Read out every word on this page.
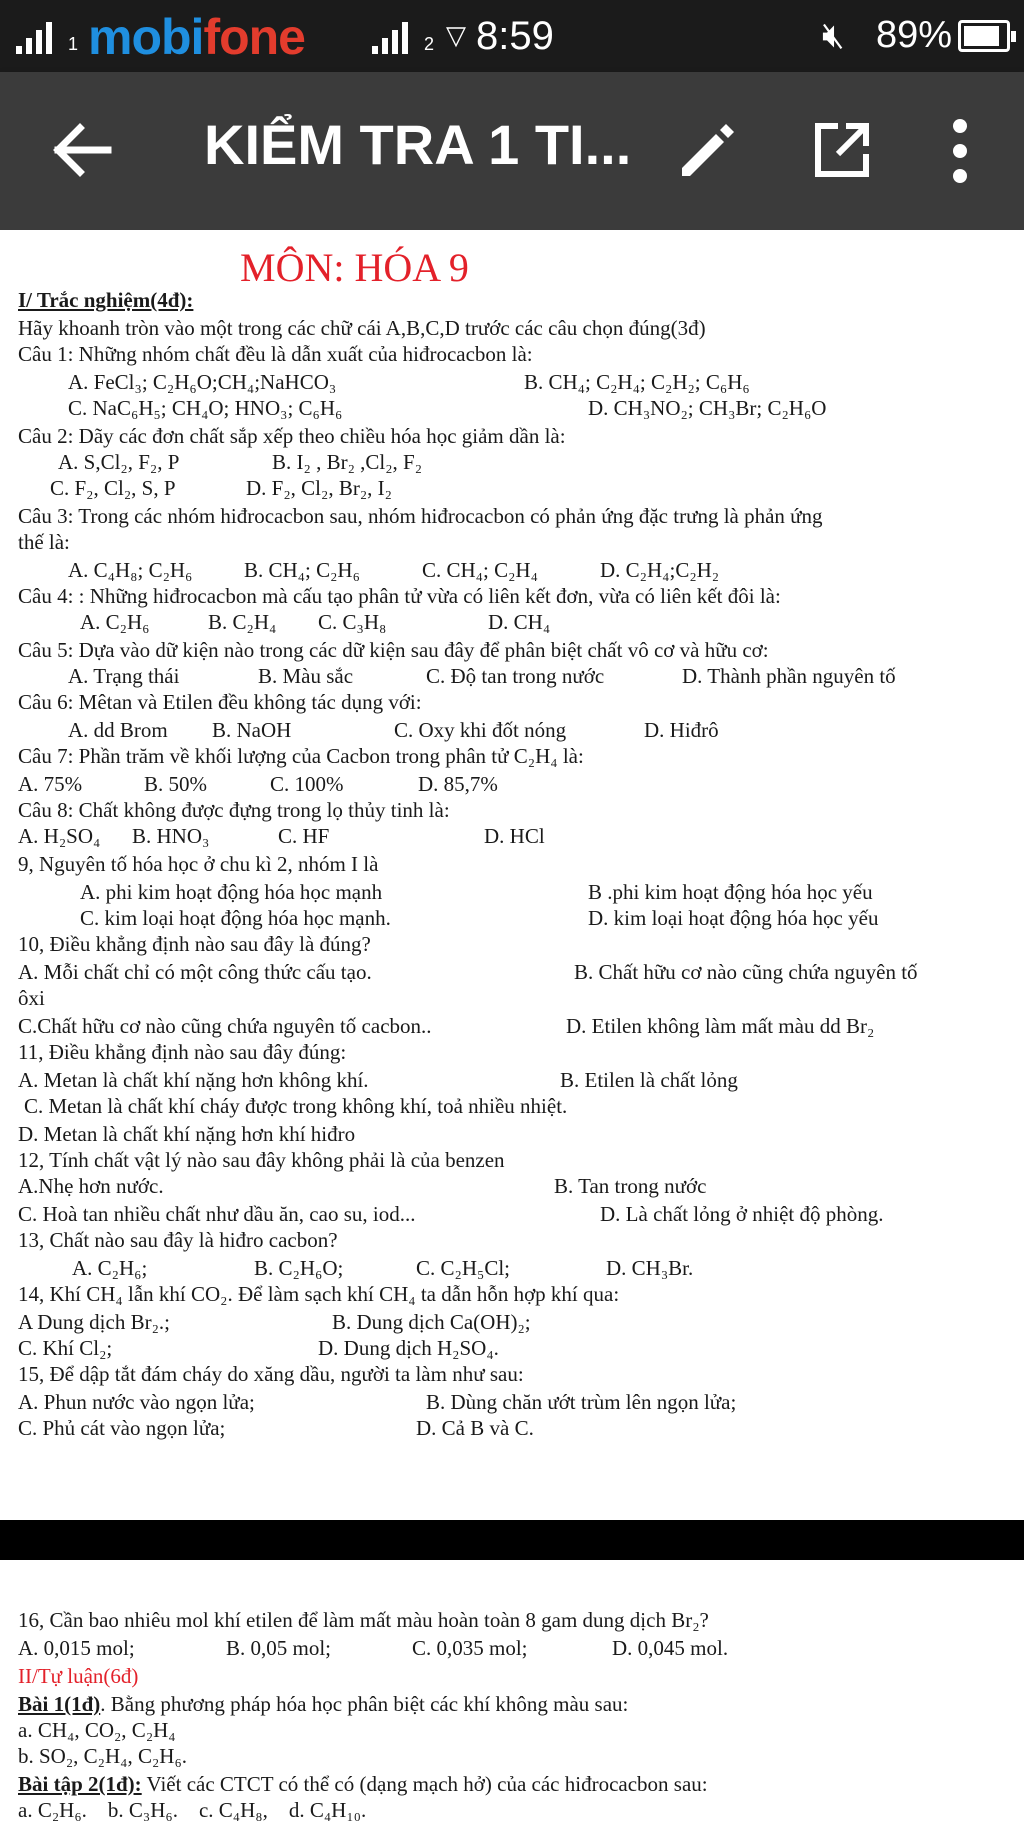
1 mobifone	2 ▽ 8:59	🔇︎ 89%
KIỂM TRA 1 TI...
MÔN: HÓA 9
I/ Trắc nghiệm(4đ):
Hãy khoanh tròn vào một trong các chữ cái A,B,C,D trước các câu chọn đúng(3đ)
Câu 1: Những nhóm chất đều là dẫn xuất của hiđrocacbon là:
A. FeCl₃; C₂H₆O;CH₄;NaHCO₃	B. CH₄; C₂H₄; C₂H₂; C₆H₆
C. NaC₆H₅; CH₄O; HNO₃; C₆H₆	D. CH₃NO₂; CH₃Br; C₂H₆O
Câu 2: Dãy các đơn chất sắp xếp theo chiều hóa học giảm dần là:
A. S,Cl₂, F₂, P	B. I₂ , Br₂ ,Cl₂, F₂
C. F₂, Cl₂, S, P	D. F₂, Cl₂, Br₂, I₂
Câu 3: Trong các nhóm hiđrocacbon sau, nhóm hiđrocacbon có phản ứng đặc trưng là phản ứng
thế là:
A. C₄H₈; C₂H₆ B. CH₄; C₂H₆	C. CH₄; C₂H₄	D. C₂H₄;C₂H₂
Câu 4: : Những hiđrocacbon mà cấu tạo phân tử vừa có liên kết đơn, vừa có liên kết đôi là:
A. C₂H₆	B. C₂H₄ C. C₃H₈	D. CH₄
Câu 5: Dựa vào dữ kiện nào trong các dữ kiện sau đây để phân biệt chất vô cơ và hữu cơ:
A. Trạng thái	B. Màu sắc	C. Độ tan trong nước	D. Thành phần nguyên tố
Câu 6: Mêtan và Etilen đều không tác dụng với:
A. dd Brom B. NaOH	C. Oxy khi đốt nóng	D. Hiđrô
Câu 7: Phần trăm về khối lượng của Cacbon trong phân tử C₂H₄ là:
A. 75%	B. 50%	C. 100%	D. 85,7%
Câu 8: Chất không được đựng trong lọ thủy tinh là:
A. H₂SO₄ B. HNO₃	C. HF	D. HCl
9, Nguyên tố hóa học ở chu kì 2, nhóm I là
A. phi kim hoạt động hóa học mạnh	B .phi kim hoạt động hóa học yếu
C. kim loại hoạt động hóa học mạnh.	D. kim loại hoạt động hóa học yếu
10, Điều khẳng định nào sau đây là đúng?
A. Mỗi chất chỉ có một công thức cấu tạo.	B. Chất hữu cơ nào cũng chứa nguyên tố
ôxi
C.Chất hữu cơ nào cũng chứa nguyên tố cacbon..	D. Etilen không làm mất màu dd Br₂
11, Điều khẳng định nào sau đây đúng:
A. Metan là chất khí nặng hơn không khí.	B. Etilen là chất lỏng
C. Metan là chất khí cháy được trong không khí, toả nhiều nhiệt.
D. Metan là chất khí nặng hơn khí hiđro
12, Tính chất vật lý nào sau đây không phải là của benzen
A.Nhẹ hơn nước.	B. Tan trong nước
C. Hoà tan nhiều chất như dầu ăn, cao su, iod...	D. Là chất lỏng ở nhiệt độ phòng.
13, Chất nào sau đây là hiđro cacbon?
A. C₂H₆;	B. C₂H₆O;	C. C₂H₅Cl;	D. CH₃Br.
14, Khí CH₄ lẫn khí CO₂. Để làm sạch khí CH₄ ta dẫn hỗn hợp khí qua:
A Dung dịch Br₂.;	B. Dung dịch Ca(OH)₂;
C. Khí Cl₂;	D. Dung dịch H₂SO₄.
15, Để dập tắt đám cháy do xăng dầu, người ta làm như sau:
A. Phun nước vào ngọn lửa;	B. Dùng chăn ướt trùm lên ngọn lửa;
C. Phủ cát vào ngọn lửa;	D. Cả B và C.
16, Cần bao nhiêu mol khí etilen để làm mất màu hoàn toàn 8 gam dung dịch Br₂?
A. 0,015 mol;	B. 0,05 mol;	C. 0,035 mol;	D. 0,045 mol.
II/Tự luận(6đ)
Bài 1(1đ). Bằng phương pháp hóa học phân biệt các khí không màu sau:
a. CH₄, CO₂, C₂H₄
b. SO₂, C₂H₄, C₂H₆.
Bài tập 2(1đ): Viết các CTCT có thể có (dạng mạch hở) của các hiđrocacbon sau:
a. C₂H₆.    b. C₃H₆.    c. C₄H₈,    d. C₄H₁₀.
